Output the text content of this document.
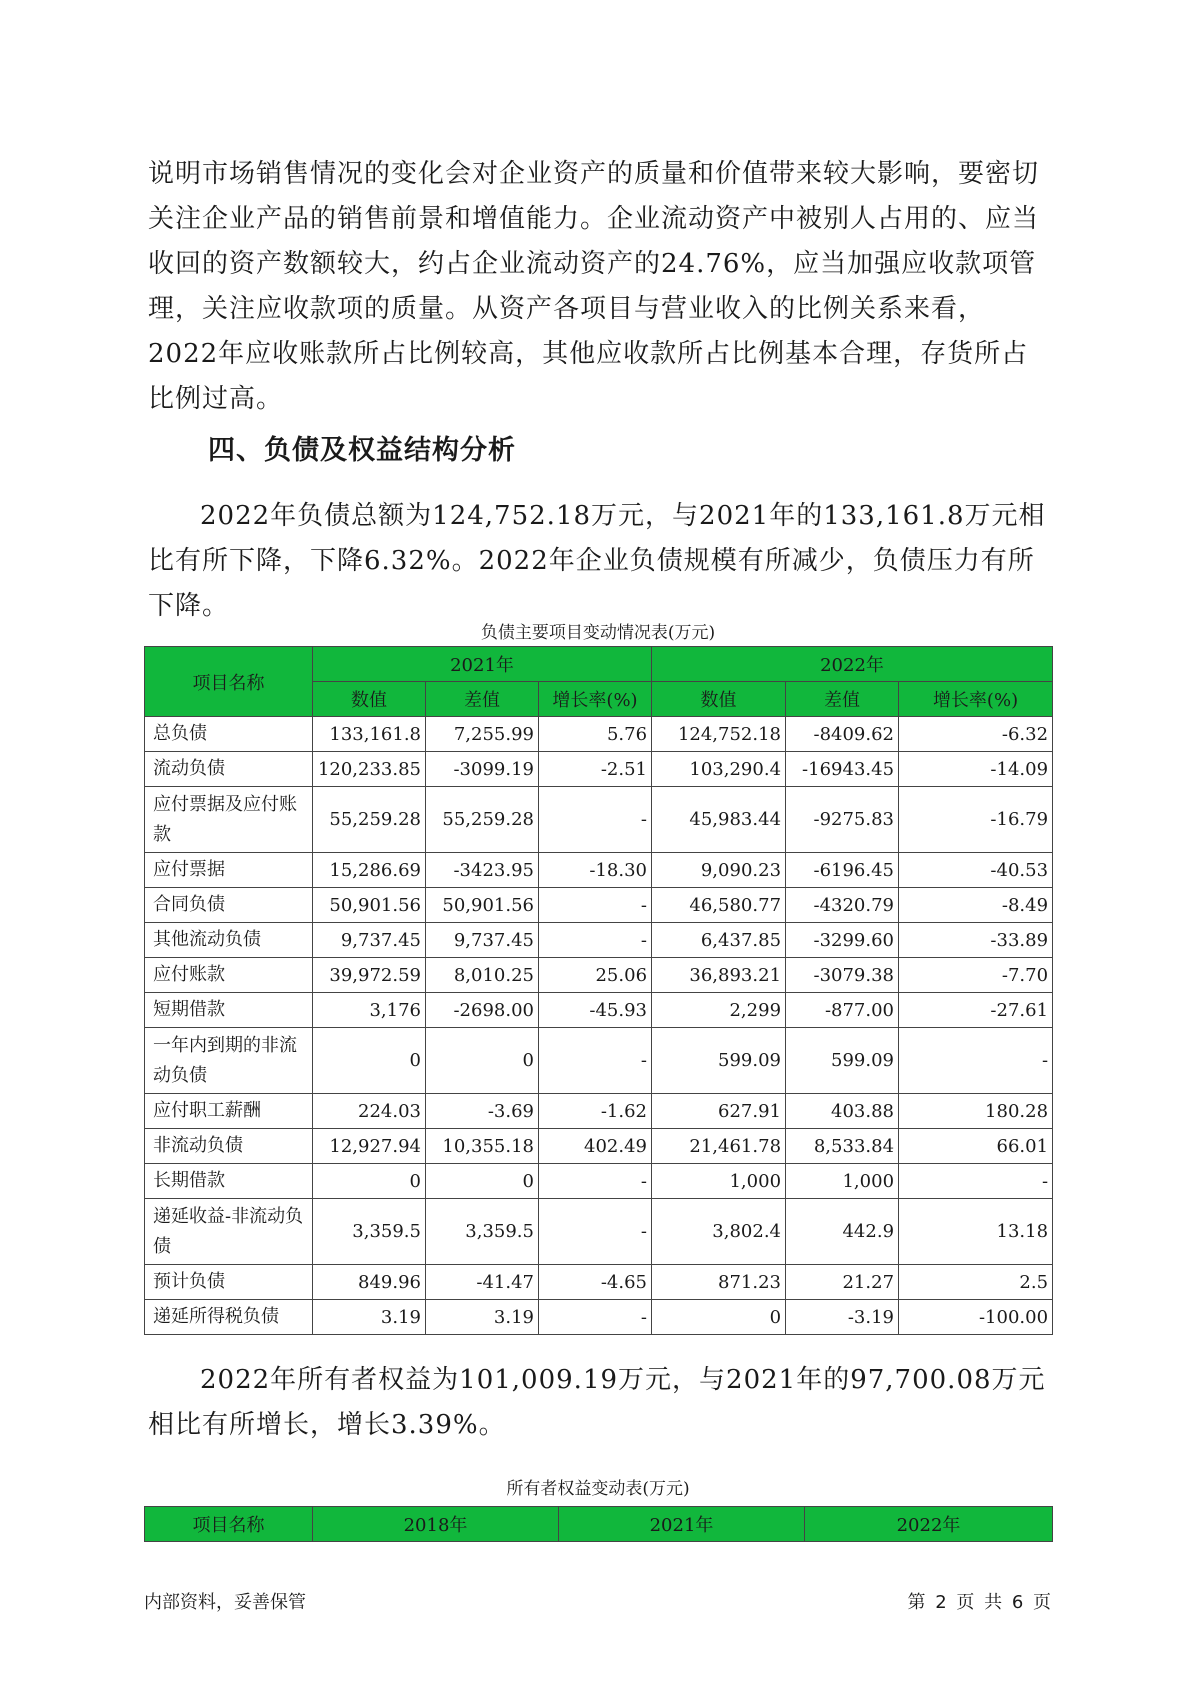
说明市场销售情况的变化会对企业资产的质量和价值带来较大影响，要密切关注企业产品的销售前景和增值能力。企业流动资产中被别人占用的、应当收回的资产数额较大，约占企业流动资产的24.76%，应当加强应收款项管理，关注应收款项的质量。从资产各项目与营业收入的比例关系来看，2022年应收账款所占比例较高，其他应收款所占比例基本合理，存货所占比例过高。

四、负债及权益结构分析

2022年负债总额为124,752.18万元，与2021年的133,161.8万元相比有所下降，下降6.32%。2022年企业负债规模有所减少，负债压力有所下降。

负债主要项目变动情况表(万元)

项目名称	2021年			2022年		
	数值	差值	增长率(%)	数值	差值	增长率(%)
总负债	133,161.8	7,255.99	5.76	124,752.18	-8409.62	-6.32
流动负债	120,233.85	-3099.19	-2.51	103,290.4	-16943.45	-14.09
应付票据及应付账款	55,259.28	55,259.28	-	45,983.44	-9275.83	-16.79
应付票据	15,286.69	-3423.95	-18.30	9,090.23	-6196.45	-40.53
合同负债	50,901.56	50,901.56	-	46,580.77	-4320.79	-8.49
其他流动负债	9,737.45	9,737.45	-	6,437.85	-3299.60	-33.89
应付账款	39,972.59	8,010.25	25.06	36,893.21	-3079.38	-7.70
短期借款	3,176	-2698.00	-45.93	2,299	-877.00	-27.61
一年内到期的非流动负债	0	0	-	599.09	599.09	-
应付职工薪酬	224.03	-3.69	-1.62	627.91	403.88	180.28
非流动负债	12,927.94	10,355.18	402.49	21,461.78	8,533.84	66.01
长期借款	0	0	-	1,000	1,000	-
递延收益-非流动负债	3,359.5	3,359.5	-	3,802.4	442.9	13.18
预计负债	849.96	-41.47	-4.65	871.23	21.27	2.5
递延所得税负债	3.19	3.19	-	0	-3.19	-100.00

2022年所有者权益为101,009.19万元，与2021年的97,700.08万元相比有所增长，增长3.39%。

所有者权益变动表(万元)

项目名称	2018年	2021年	2022年

内部资料，妥善保管	第 2 页 共 6 页
